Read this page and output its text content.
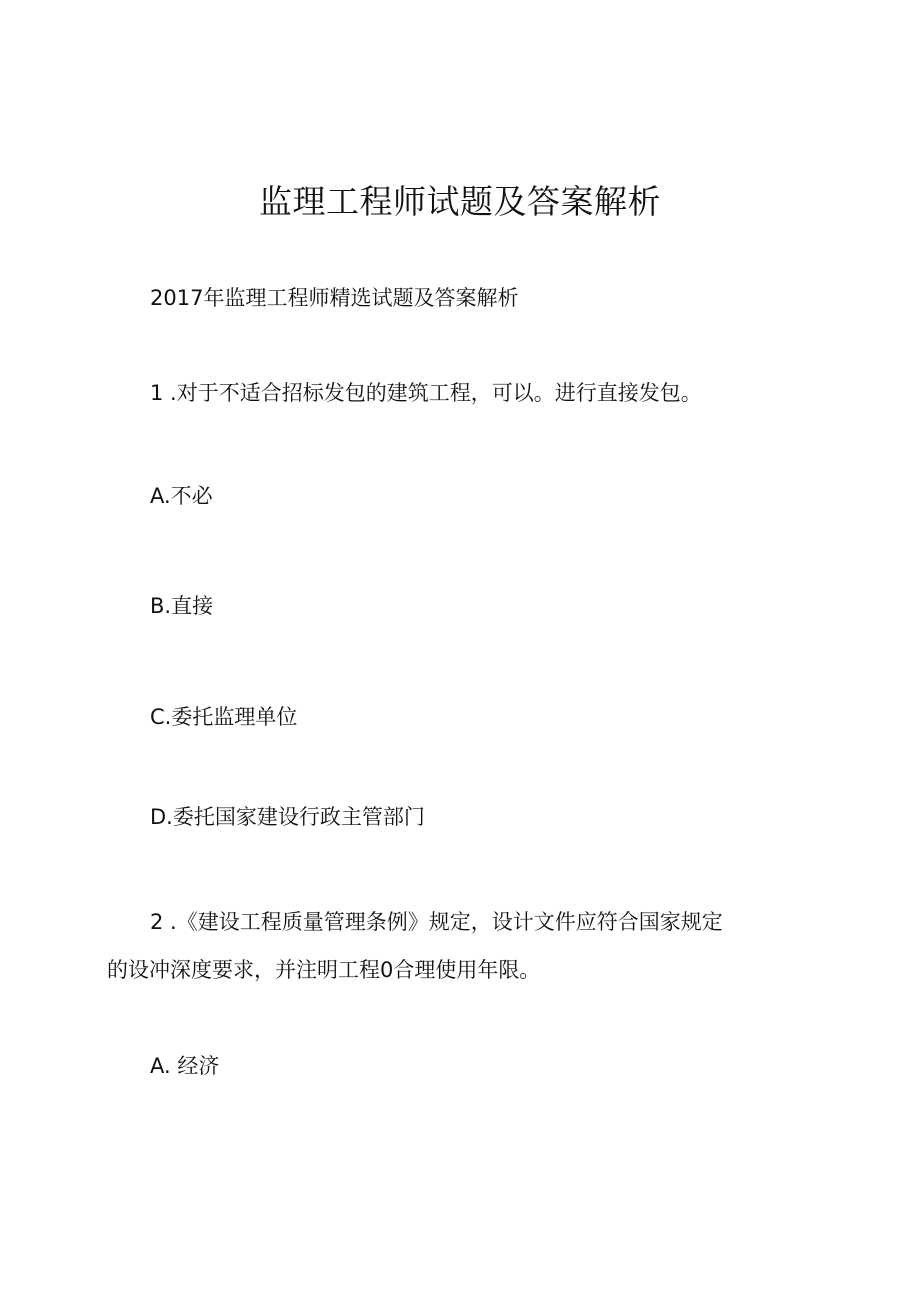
监理工程师试题及答案解析
2017年监理工程师精选试题及答案解析
1 .对于不适合招标发包的建筑工程，可以。进行直接发包。
A.不必
B.直接
C.委托监理单位
D.委托国家建设行政主管部门
2 .《建设工程质量管理条例》规定，设计文件应符合国家规定
的设冲深度要求，并注明工程0合理使用年限。
A. 经济
